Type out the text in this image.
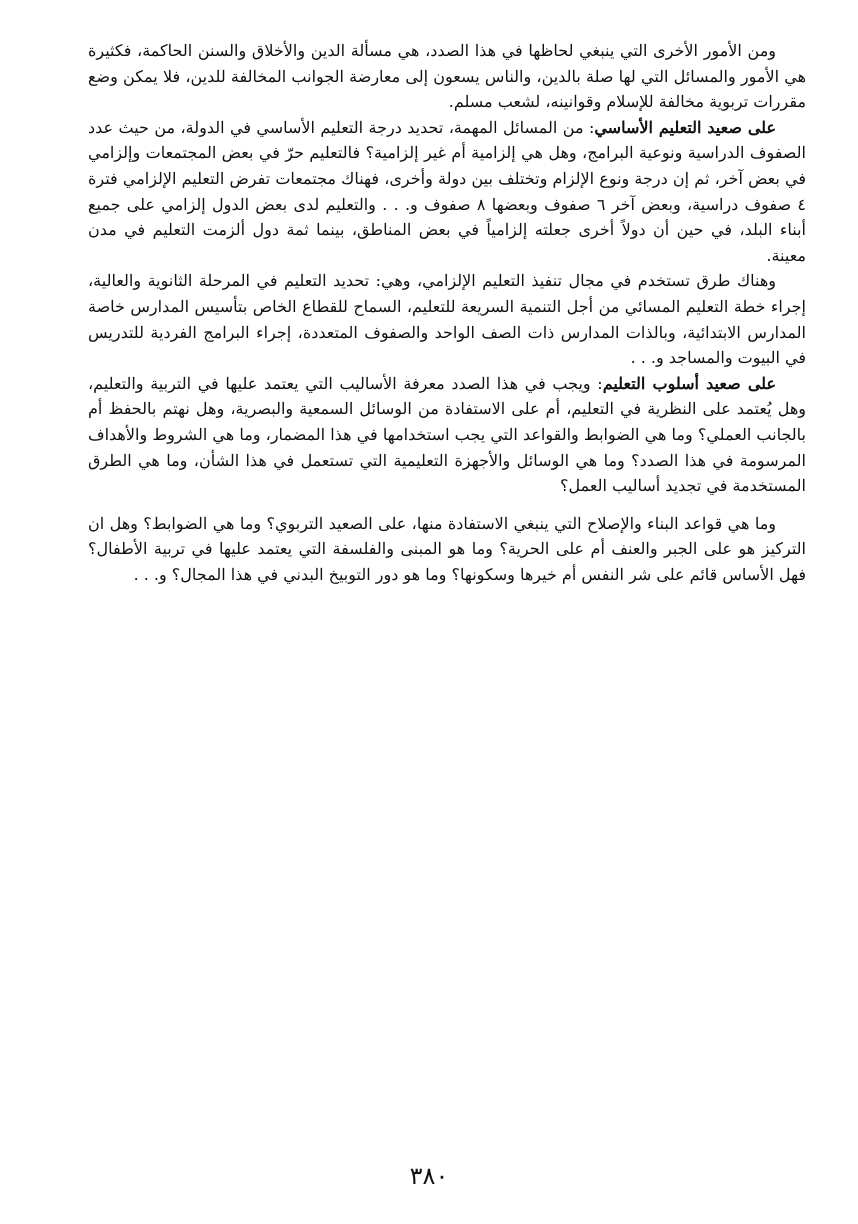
ومن الأمور الأخرى التي ينبغي لحاظها في هذا الصدد، هي مسألة الدين والأخلاق والسنن الحاكمة، فكثيرة هي الأمور والمسائل التي لها صلة بالدين، والناس يسعون إلى معارضة الجوانب المخالفة للدين، فلا يمكن وضع مقررات تربوية مخالفة للإسلام وقوانينه، لشعب مسلم.

على صعيد التعليم الأساسي: من المسائل المهمة، تحديد درجة التعليم الأساسي في الدولة، من حيث عدد الصفوف الدراسية ونوعية البرامج، وهل هي إلزامية أم غير إلزامية؟ فالتعليم حرّ في بعض المجتمعات وإلزامي في بعض آخر، ثم إن درجة ونوع الإلزام وتختلف بين دولة وأخرى، فهناك مجتمعات تفرض التعليم الإلزامي فترة ٤ صفوف دراسية، وبعض آخر ٦ صفوف وبعضها ٨ صفوف و. . . والتعليم لدى بعض الدول إلزامي على جميع أبناء البلد، في حين أن دولاً أخرى جعلته إلزامياً في بعض المناطق، بينما ثمة دول ألزمت التعليم في مدن معينة.

وهناك طرق تستخدم في مجال تنفيذ التعليم الإلزامي، وهي: تحديد التعليم في المرحلة الثانوية والعالية، إجراء خطة التعليم المسائي من أجل التنمية السريعة للتعليم، السماح للقطاع الخاص بتأسيس المدارس خاصة المدارس الابتدائية، وبالذات المدارس ذات الصف الواحد والصفوف المتعددة، إجراء البرامج الفردية للتدريس في البيوت والمساجد و. . .

على صعيد أسلوب التعليم: ويجب في هذا الصدد معرفة الأساليب التي يعتمد عليها في التربية والتعليم، وهل يُعتمد على النظرية في التعليم، أم على الاستفادة من الوسائل السمعية والبصرية، وهل نهتم بالحفظ أم بالجانب العملي؟ وما هي الضوابط والقواعد التي يجب استخدامها في هذا المضمار، وما هي الشروط والأهداف المرسومة في هذا الصدد؟ وما هي الوسائل والأجهزة التعليمية التي تستعمل في هذا الشأن، وما هي الطرق المستخدمة في تجديد أساليب العمل؟

وما هي قواعد البناء والإصلاح التي ينبغي الاستفادة منها، على الصعيد التربوي؟ وما هي الضوابط؟ وهل ان التركيز هو على الجبر والعنف أم على الحرية؟ وما هو المبنى والفلسفة التي يعتمد عليها في تربية الأطفال؟ فهل الأساس قائم على شر النفس أم خيرها وسكونها؟ وما هو دور التوبيخ البدني في هذا المجال؟ و. . .

٣٨٠
